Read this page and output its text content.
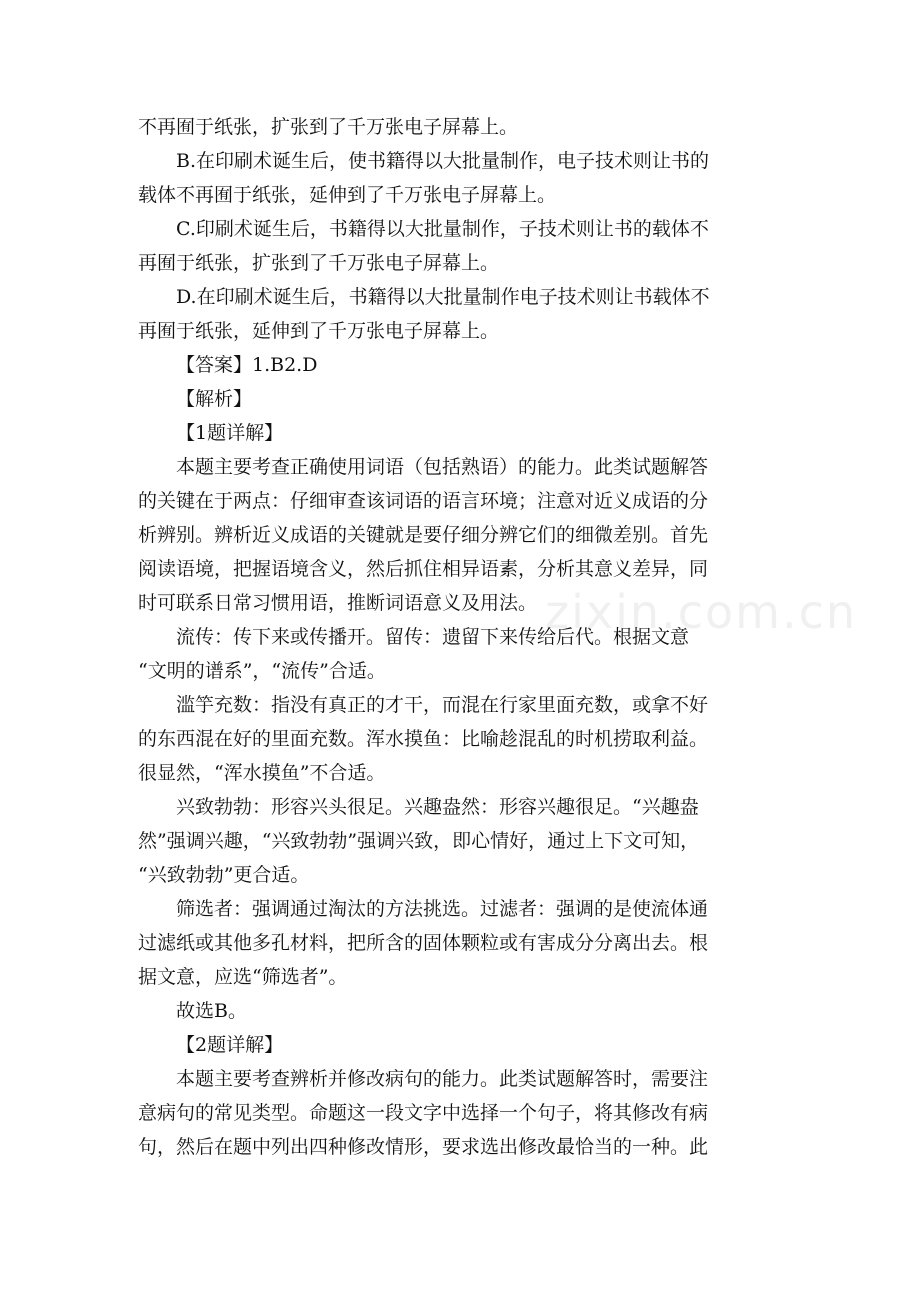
不再囿于纸张，扩张到了千万张电子屏幕上。
B.在印刷术诞生后，使书籍得以大批量制作，电子技术则让书的
载体不再囿于纸张，延伸到了千万张电子屏幕上。
C.印刷术诞生后，书籍得以大批量制作，子技术则让书的载体不
再囿于纸张，扩张到了千万张电子屏幕上。
D.在印刷术诞生后，书籍得以大批量制作电子技术则让书载体不
再囿于纸张，延伸到了千万张电子屏幕上。
【答案】1.B2.D
【解析】
【1题详解】
本题主要考查正确使用词语（包括熟语）的能力。此类试题解答
的关键在于两点：仔细审查该词语的语言环境；注意对近义成语的分
析辨别。辨析近义成语的关键就是要仔细分辨它们的细微差别。首先
阅读语境，把握语境含义，然后抓住相异语素，分析其意义差异，同
时可联系日常习惯用语，推断词语意义及用法。
流传：传下来或传播开。留传：遗留下来传给后代。根据文意
“文明的谱系”，“流传”合适。
滥竽充数：指没有真正的才干，而混在行家里面充数，或拿不好
的东西混在好的里面充数。浑水摸鱼：比喻趁混乱的时机捞取利益。
很显然，“浑水摸鱼”不合适。
兴致勃勃：形容兴头很足。兴趣盎然：形容兴趣很足。“兴趣盎
然”强调兴趣，“兴致勃勃”强调兴致，即心情好，通过上下文可知，
“兴致勃勃”更合适。
筛选者：强调通过淘汰的方法挑选。过滤者：强调的是使流体通
过滤纸或其他多孔材料，把所含的固体颗粒或有害成分分离出去。根
据文意，应选“筛选者”。
故选B。
【2题详解】
本题主要考查辨析并修改病句的能力。此类试题解答时，需要注
意病句的常见类型。命题这一段文字中选择一个句子，将其修改有病
句，然后在题中列出四种修改情形，要求选出修改最恰当的一种。此
zixin.com.cn
